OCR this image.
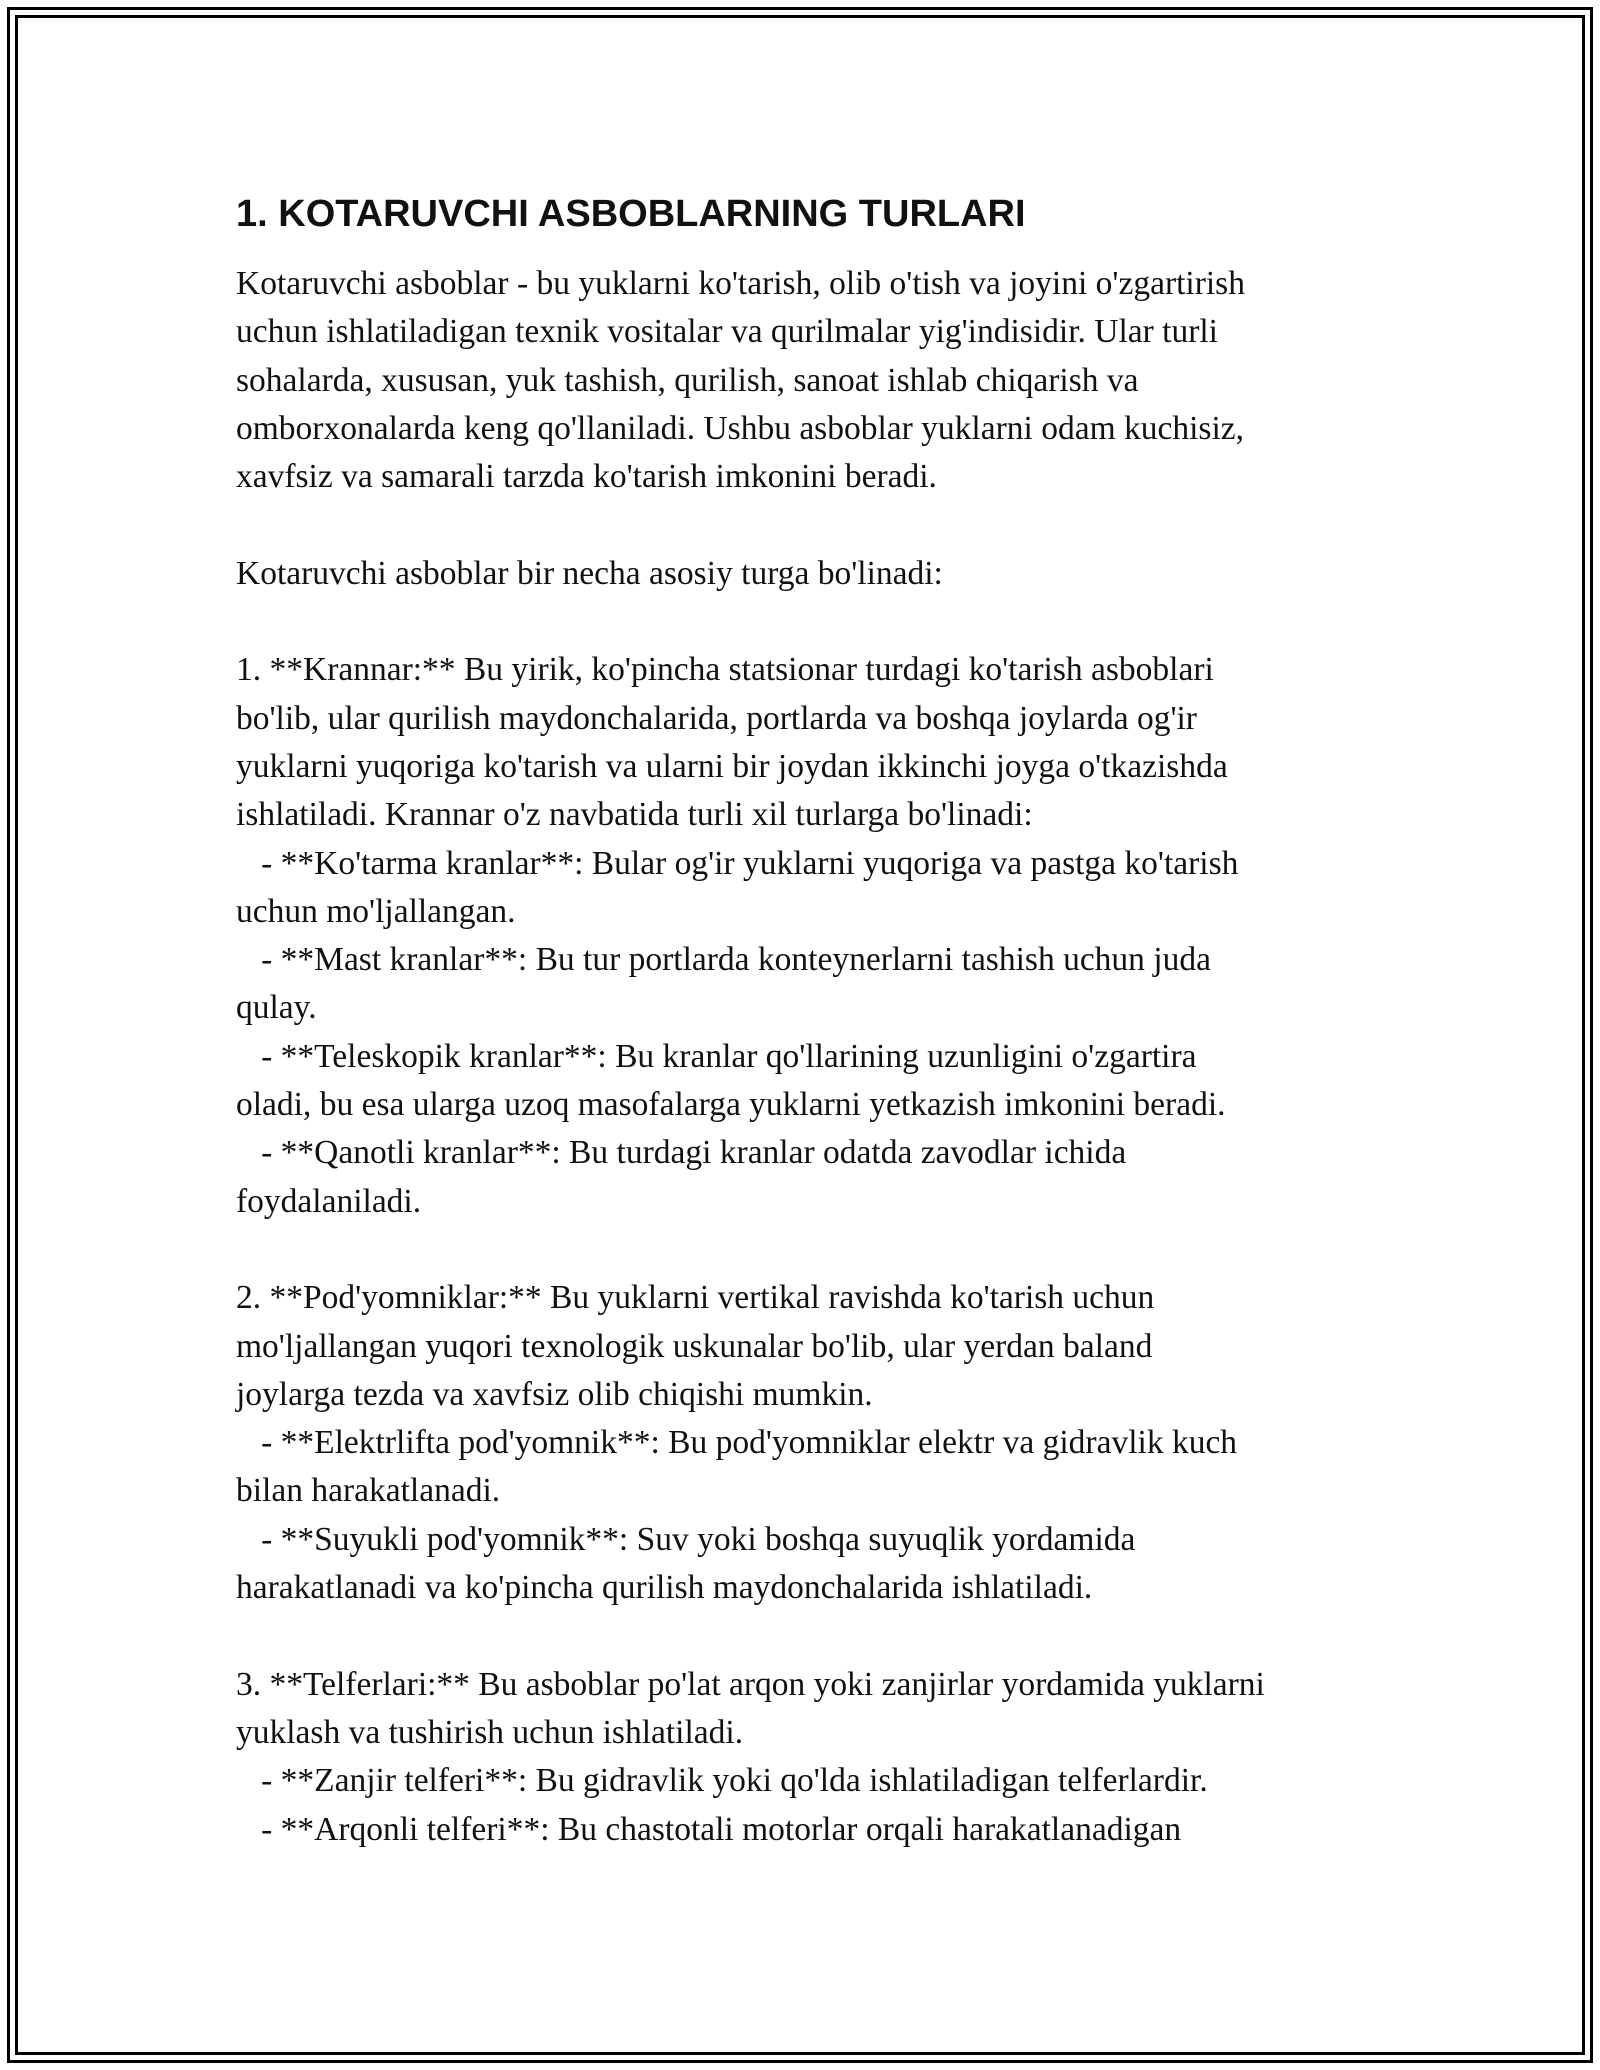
1. KOTARUVCHI ASBOBLARNING TURLARI
Kotaruvchi asboblar - bu yuklarni ko'tarish, olib o'tish va joyini o'zgartirish
uchun ishlatiladigan texnik vositalar va qurilmalar yig'indisidir. Ular turli
sohalarda, xususan, yuk tashish, qurilish, sanoat ishlab chiqarish va
omborxonalarda keng qo'llaniladi. Ushbu asboblar yuklarni odam kuchisiz,
xavfsiz va samarali tarzda ko'tarish imkonini beradi.
Kotaruvchi asboblar bir necha asosiy turga bo'linadi:
1. **Krannar:** Bu yirik, ko'pincha statsionar turdagi ko'tarish asboblari
bo'lib, ular qurilish maydonchalarida, portlarda va boshqa joylarda og'ir
yuklarni yuqoriga ko'tarish va ularni bir joydan ikkinchi joyga o'tkazishda
ishlatiladi. Krannar o'z navbatida turli xil turlarga bo'linadi:
- **Ko'tarma kranlar**: Bular og'ir yuklarni yuqoriga va pastga ko'tarish
uchun mo'ljallangan.
- **Mast kranlar**: Bu tur portlarda konteynerlarni tashish uchun juda
qulay.
- **Teleskopik kranlar**: Bu kranlar qo'llarining uzunligini o'zgartira
oladi, bu esa ularga uzoq masofalarga yuklarni yetkazish imkonini beradi.
- **Qanotli kranlar**: Bu turdagi kranlar odatda zavodlar ichida
foydalaniladi.
2. **Pod'yomniklar:** Bu yuklarni vertikal ravishda ko'tarish uchun
mo'ljallangan yuqori texnologik uskunalar bo'lib, ular yerdan baland
joylarga tezda va xavfsiz olib chiqishi mumkin.
- **Elektrlifta pod'yomnik**: Bu pod'yomniklar elektr va gidravlik kuch
bilan harakatlanadi.
- **Suyukli pod'yomnik**: Suv yoki boshqa suyuqlik yordamida
harakatlanadi va ko'pincha qurilish maydonchalarida ishlatiladi.
3. **Telferlari:** Bu asboblar po'lat arqon yoki zanjirlar yordamida yuklarni
yuklash va tushirish uchun ishlatiladi.
- **Zanjir telferi**: Bu gidravlik yoki qo'lda ishlatiladigan telferlardir.
- **Arqonli telferi**: Bu chastotali motorlar orqali harakatlanadigan
